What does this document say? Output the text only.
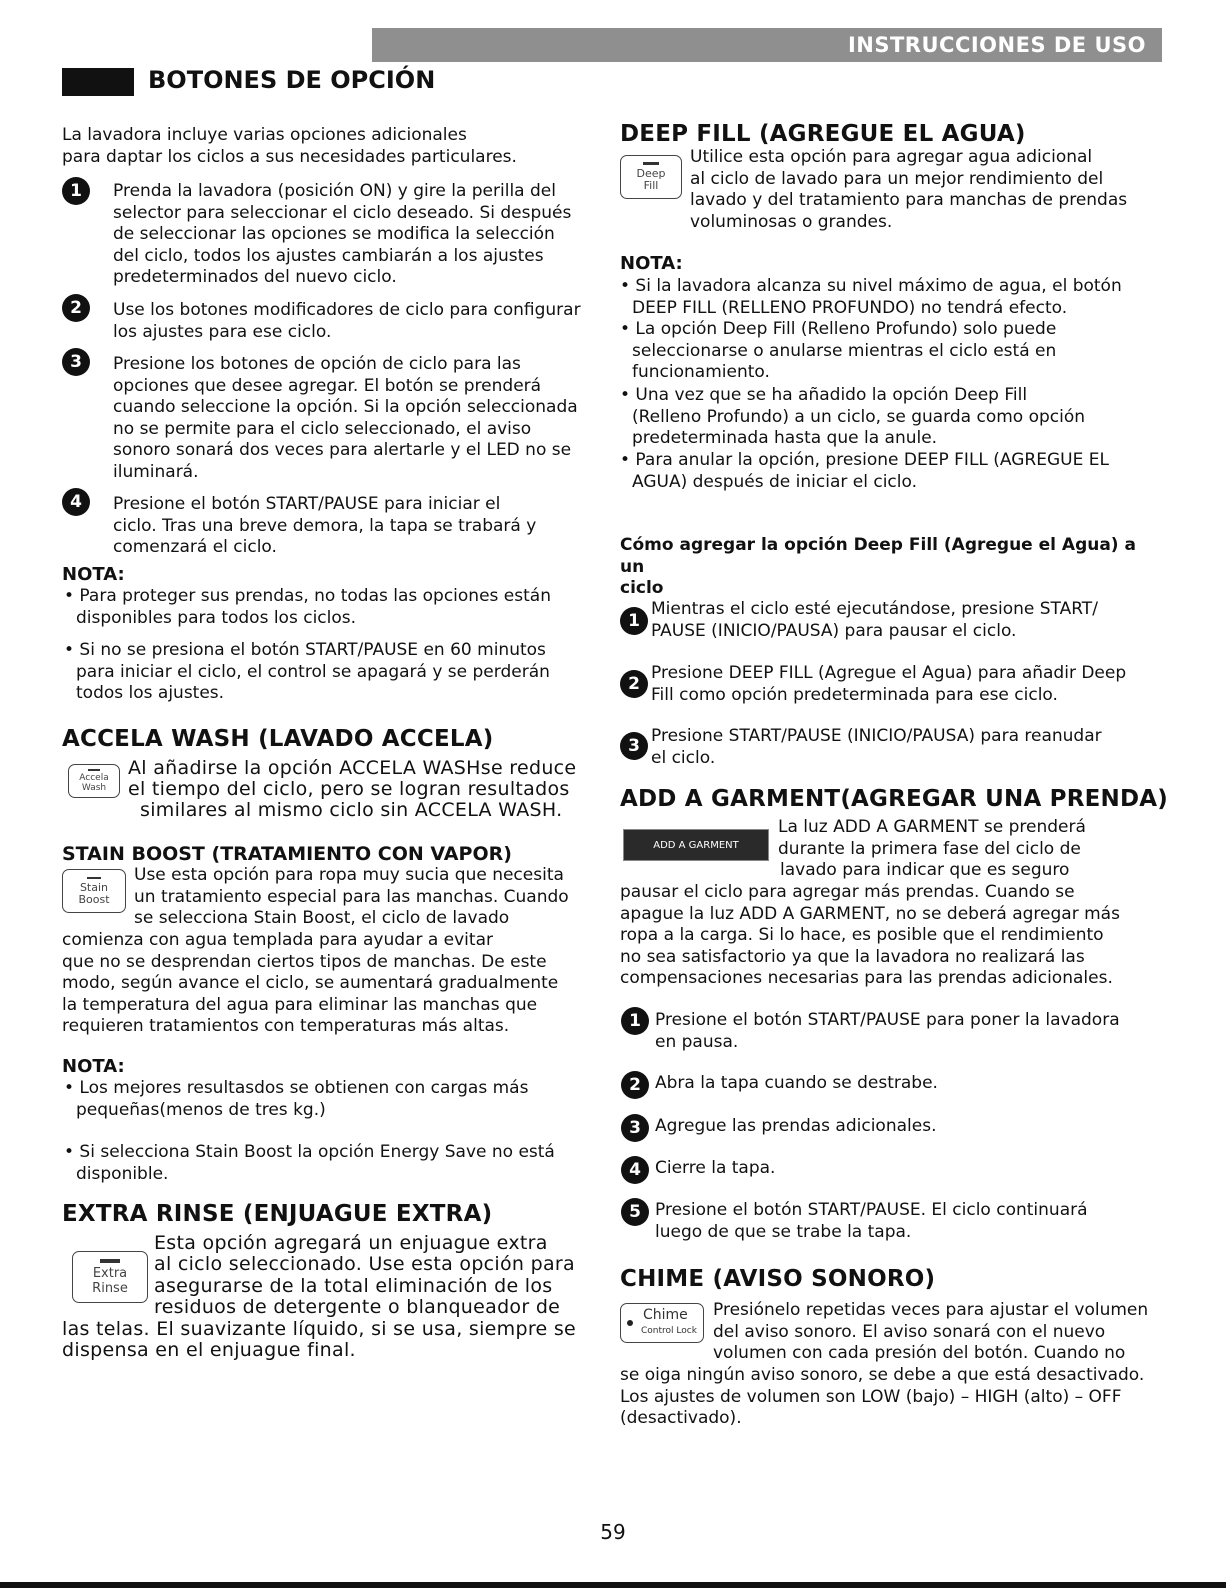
INSTRUCCIONES DE USO
BOTONES DE OPCIÓN
La lavadora incluye varias opciones adicionales
para daptar los ciclos a sus necesidades particulares.
1	Prenda la lavadora (posición ON) y gire la perilla del
selector para seleccionar el ciclo deseado. Si después
de seleccionar las opciones se modifica la selección
del ciclo, todos los ajustes cambiarán a los ajustes
predeterminados del nuevo ciclo.
2	Use los botones modificadores de ciclo para configurar
los ajustes para ese ciclo.
3	Presione los botones de opción de ciclo para las
opciones que desee agregar. El botón se prenderá
cuando seleccione la opción. Si la opción seleccionada
no se permite para el ciclo seleccionado, el aviso
sonoro sonará dos veces para alertarle y el LED no se
iluminará.
4	Presione el botón START/PAUSE para iniciar el
ciclo. Tras una breve demora, la tapa se trabará y
comenzará el ciclo.
NOTA:
• Para proteger sus prendas, no todas las opciones están
disponibles para todos los ciclos.
• Si no se presiona el botón START/PAUSE en 60 minutos
para iniciar el ciclo, el control se apagará y se perderán
todos los ajustes.
ACCELA WASH (LAVADO ACCELA)
Accela
Wash
Al añadirse la opción ACCELA WASHse reduce
el tiempo del ciclo, pero se logran resultados
similares al mismo ciclo sin ACCELA WASH.
STAIN BOOST (TRATAMIENTO CON VAPOR)
Stain
Boost
Use esta opción para ropa muy sucia que necesita
un tratamiento especial para las manchas. Cuando
se selecciona Stain Boost, el ciclo de lavado
comienza con agua templada para ayudar a evitar
que no se desprendan ciertos tipos de manchas. De este
modo, según avance el ciclo, se aumentará gradualmente
la temperatura del agua para eliminar las manchas que
requieren tratamientos con temperaturas más altas.
NOTA:
• Los mejores resultasdos se obtienen con cargas más
pequeñas(menos de tres kg.)
• Si selecciona Stain Boost la opción Energy Save no está
disponible.
EXTRA RINSE (ENJUAGUE EXTRA)
Extra
Rinse
Esta opción agregará un enjuague extra
al ciclo seleccionado. Use esta opción para
asegurarse de la total eliminación de los
residuos de detergente o blanqueador de
las telas. El suavizante líquido, si se usa, siempre se
dispensa en el enjuague final.
DEEP FILL (AGREGUE EL AGUA)
Deep
Fill
Utilice esta opción para agregar agua adicional
al ciclo de lavado para un mejor rendimiento del
lavado y del tratamiento para manchas de prendas
voluminosas o grandes.
NOTA:
• Si la lavadora alcanza su nivel máximo de agua, el botón
DEEP FILL (RELLENO PROFUNDO) no tendrá efecto.
• La opción Deep Fill (Relleno Profundo) solo puede
seleccionarse o anularse mientras el ciclo está en
funcionamiento.
• Una vez que se ha añadido la opción Deep Fill
(Relleno Profundo) a un ciclo, se guarda como opción
predeterminada hasta que la anule.
• Para anular la opción, presione DEEP FILL (AGREGUE EL
AGUA) después de iniciar el ciclo.
Cómo agregar la opción Deep Fill (Agregue el Agua) a un
ciclo
1
Mientras el ciclo esté ejecutándose, presione START/
PAUSE (INICIO/PAUSA) para pausar el ciclo.
2
Presione DEEP FILL (Agregue el Agua) para añadir Deep
Fill como opción predeterminada para ese ciclo.
3 Presione START/PAUSE (INICIO/PAUSA) para reanudar
el ciclo.
ADD A GARMENT(AGREGAR UNA PRENDA)
ADD A GARMENT
La luz ADD A GARMENT se prenderá
durante la primera fase del ciclo de
lavado para indicar que es seguro
pausar el ciclo para agregar más prendas. Cuando se
apague la luz ADD A GARMENT, no se deberá agregar más
ropa a la carga. Si lo hace, es posible que el rendimiento
no sea satisfactorio ya que la lavadora no realizará las
compensaciones necesarias para las prendas adicionales.
1 Presione el botón START/PAUSE para poner la lavadora
en pausa.
2 Abra la tapa cuando se destrabe.
3 Agregue las prendas adicionales.
4 Cierre la tapa.
5 Presione el botón START/PAUSE. El ciclo continuará
luego de que se trabe la tapa.
CHIME (AVISO SONORO)
Chime
Control Lock
Presiónelo repetidas veces para ajustar el volumen
del aviso sonoro. El aviso sonará con el nuevo
volumen con cada presión del botón. Cuando no
se oiga ningún aviso sonoro, se debe a que está desactivado.
Los ajustes de volumen son LOW (bajo) – HIGH (alto) – OFF
(desactivado).
59
